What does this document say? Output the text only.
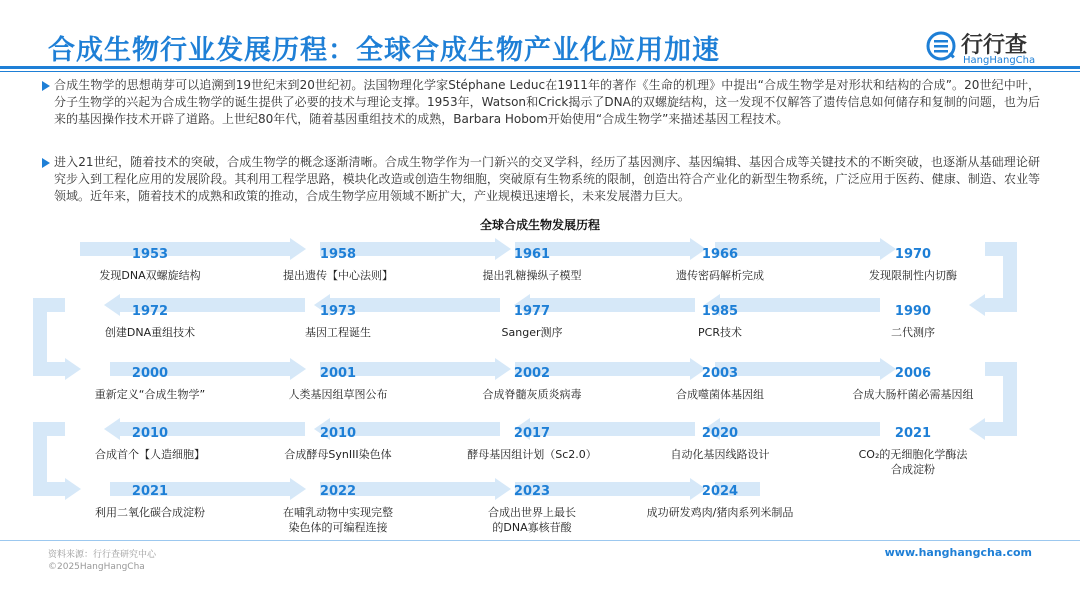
合成生物行业发展历程：全球合成生物产业化应用加速	行行查
HangHangCha
合成生物学的思想萌芽可以追溯到19世纪末到20世纪初。法国物理化学家Stéphane Leduc在1911年的著作《生命的机理》中提出“合成生物学是对形状和结构的合成”。20世纪中叶，分子生物学的兴起为合成生物学的诞生提供了必要的技术与理论支撑。1953年，Watson和Crick揭示了DNA的双螺旋结构，这一发现不仅解答了遗传信息如何储存和复制的问题，也为后来的基因操作技术开辟了道路。上世纪80年代，随着基因重组技术的成熟，Barbara Hobom开始使用“合成生物学”来描述基因工程技术。
进入21世纪，随着技术的突破，合成生物学的概念逐渐清晰。合成生物学作为一门新兴的交叉学科，经历了基因测序、基因编辑、基因合成等关键技术的不断突破，也逐渐从基础理论研究步入到工程化应用的发展阶段。其利用工程学思路，模块化改造或创造生物细胞，突破原有生物系统的限制，创造出符合产业化的新型生物系统，广泛应用于医药、健康、制造、农业等领域。近年来，随着技术的成熟和政策的推动，合成生物学应用领域不断扩大，产业规模迅速增长，未来发展潜力巨大。
全球合成生物发展历程
1953
发现DNA双螺旋结构
1958
提出遗传【中心法则】
1961
提出乳糖操纵子模型
1966
遗传密码解析完成
1970
发现限制性内切酶
1972
创建DNA重组技术
1973
基因工程诞生
1977
Sanger测序
1985
PCR技术
1990
二代测序
2000
重新定义“合成生物学”
2001
人类基因组草图公布
2002
合成脊髓灰质炎病毒
2003
合成噬菌体基因组
2006
合成大肠杆菌必需基因组
2010
合成首个【人造细胞】
2010
合成酵母SynIII染色体
2017
酵母基因组计划（Sc2.0）
2020
自动化基因线路设计
2021
CO₂的无细胞化学酶法
合成淀粉
2021
利用二氧化碳合成淀粉
2022
在哺乳动物中实现完整
染色体的可编程连接
2023
合成出世界上最长
的DNA寡核苷酸
2024
成功研发鸡肉/猪肉系列米制品
资料来源：行行查研究中心
©2025HangHangCha
www.hanghangcha.com
